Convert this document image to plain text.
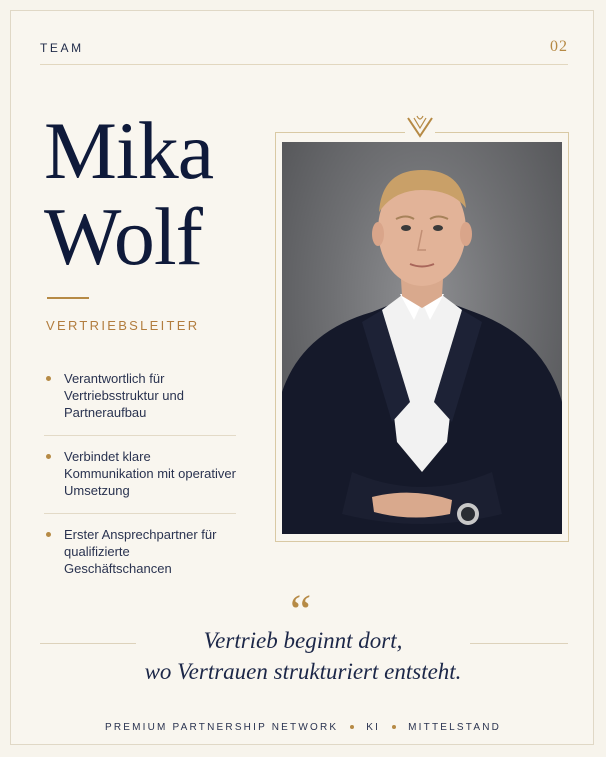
TEAM	02
Mika
Wolf
VERTRIEBSLEITER
Verantwortlich für Vertriebsstruktur und Partneraufbau
Verbindet klare Kommunikation mit operativer Umsetzung
Erster Ansprechpartner für qualifizierte Geschäftschancen
“
Vertrieb beginnt dort,
wo Vertrauen strukturiert entsteht.
PREMIUM PARTNERSHIP NETWORK	KI	MITTELSTAND
